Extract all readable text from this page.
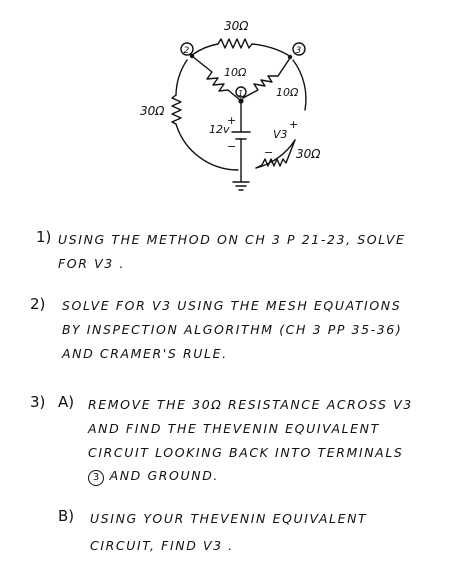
30Ω
30Ω
10Ω
10Ω
30Ω
12v
+
−
+
V3
−
2	3
1
1) USING THE METHOD ON CH 3 P 21-23, SOLVE
FOR V3 .
2) SOLVE FOR V3 USING THE MESH EQUATIONS
BY INSPECTION ALGORITHM (CH 3 PP 35-36)
AND CRAMER'S RULE.
3) A) REMOVE THE 30Ω RESISTANCE ACROSS V3
AND FIND THE THEVENIN EQUIVALENT
CIRCUIT LOOKING BACK INTO TERMINALS
3 AND GROUND.
B) USING YOUR THEVENIN EQUIVALENT
CIRCUIT, FIND V3 .
